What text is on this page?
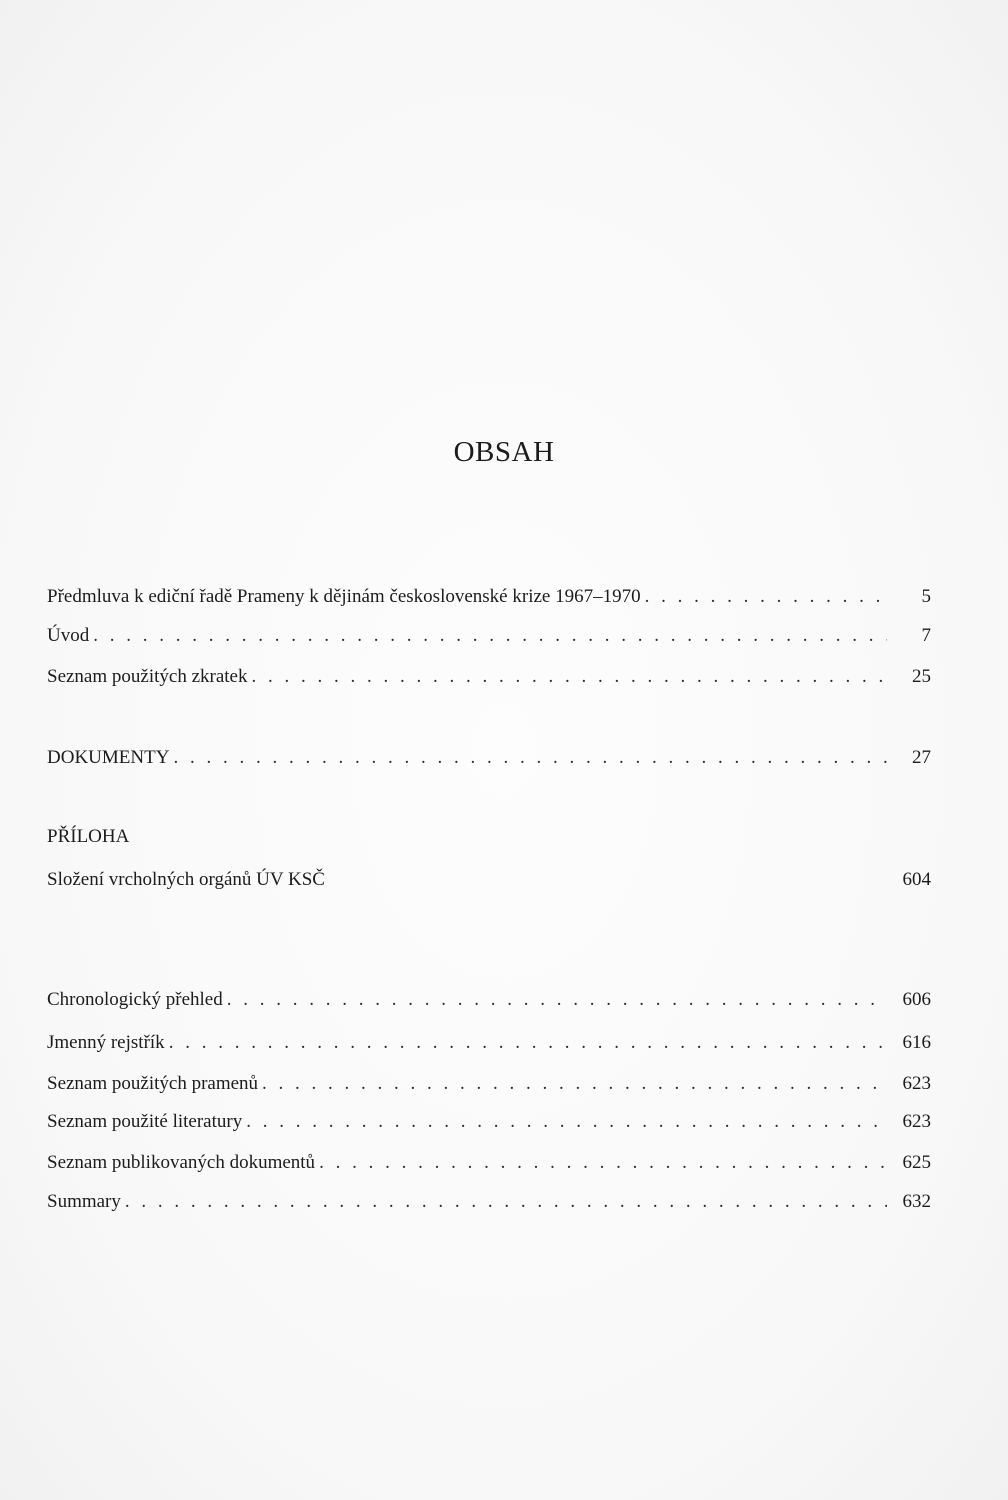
OBSAH
Předmluva k ediční řadě Prameny k dějinám československé krize 1967–1970 . . .	5
Úvod . . .	7
Seznam použitých zkratek . . .	25
DOKUMENTY . . .	27
PŘÍLOHA
Složení vrcholných orgánů ÚV KSČ	604
Chronologický přehled . . .	606
Jmenný rejstřík . . .	616
Seznam použitých pramenů . . .	623
Seznam použité literatury . . .	623
Seznam publikovaných dokumentů . . .	625
Summary . . .	632
